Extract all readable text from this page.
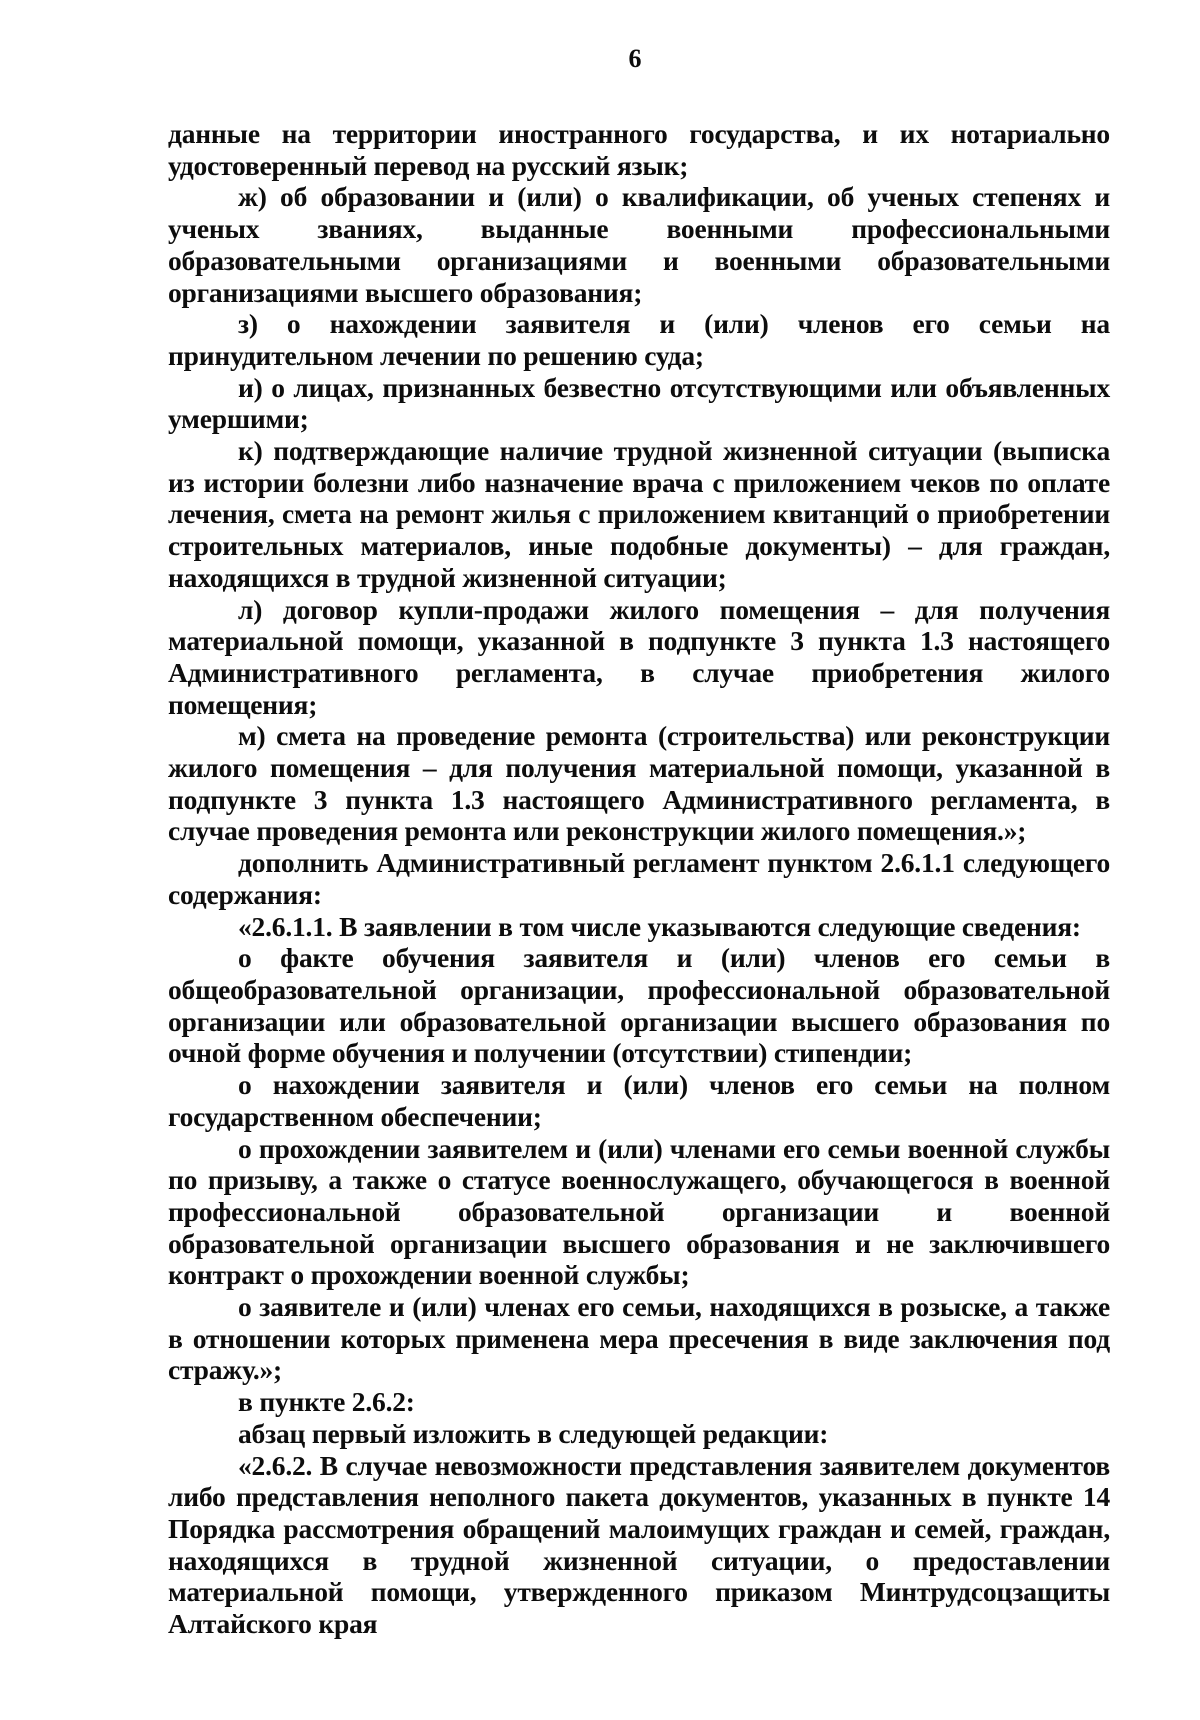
6

данные на территории иностранного государства, и их нотариально удостоверенный перевод на русский язык;

ж) об образовании и (или) о квалификации, об ученых степенях и ученых званиях, выданные военными профессиональными образовательными организациями и военными образовательными организациями высшего образования;

з) о нахождении заявителя и (или) членов его семьи на принудительном лечении по решению суда;

и) о лицах, признанных безвестно отсутствующими или объявленных умершими;

к) подтверждающие наличие трудной жизненной ситуации (выписка из истории болезни либо назначение врача с приложением чеков по оплате лечения, смета на ремонт жилья с приложением квитанций о приобретении строительных материалов, иные подобные документы) – для граждан, находящихся в трудной жизненной ситуации;

л) договор купли-продажи жилого помещения – для получения материальной помощи, указанной в подпункте 3 пункта 1.3 настоящего Административного регламента, в случае приобретения жилого помещения;

м) смета на проведение ремонта (строительства) или реконструкции жилого помещения – для получения материальной помощи, указанной в подпункте 3 пункта 1.3 настоящего Административного регламента, в случае проведения ремонта или реконструкции жилого помещения.»;

дополнить Административный регламент пунктом 2.6.1.1 следующего содержания:

«2.6.1.1. В заявлении в том числе указываются следующие сведения:

о факте обучения заявителя и (или) членов его семьи в общеобразовательной организации, профессиональной образовательной организации или образовательной организации высшего образования по очной форме обучения и получении (отсутствии) стипендии;

о нахождении заявителя и (или) членов его семьи на полном государственном обеспечении;

о прохождении заявителем и (или) членами его семьи военной службы по призыву, а также о статусе военнослужащего, обучающегося в военной профессиональной образовательной организации и военной образовательной организации высшего образования и не заключившего контракт о прохождении военной службы;

о заявителе и (или) членах его семьи, находящихся в розыске, а также в отношении которых применена мера пресечения в виде заключения под стражу.»;

в пункте 2.6.2:

абзац первый изложить в следующей редакции:

«2.6.2. В случае невозможности представления заявителем документов либо представления неполного пакета документов, указанных в пункте 14 Порядка рассмотрения обращений малоимущих граждан и семей, граждан, находящихся в трудной жизненной ситуации, о предоставлении материальной помощи, утвержденного приказом Минтрудсоцзащиты Алтайского края
